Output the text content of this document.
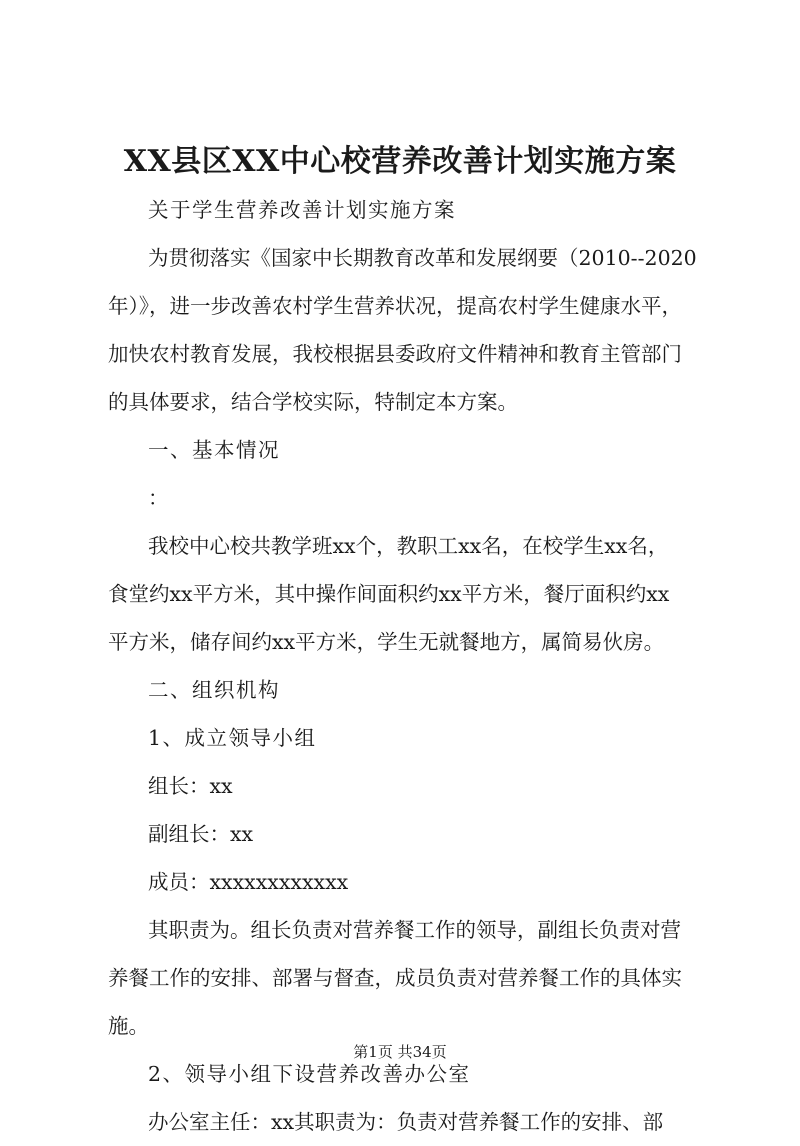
XX县区XX中心校营养改善计划实施方案

关于学生营养改善计划实施方案

为贯彻落实《国家中长期教育改革和发展纲要（2010--2020
年）》，进一步改善农村学生营养状况，提高农村学生健康水平，
加快农村教育发展，我校根据县委政府文件精神和教育主管部门
的具体要求，结合学校实际，特制定本方案。

一、基本情况

：

我校中心校共教学班xx个，教职工xx名，在校学生xx名，
食堂约xx平方米，其中操作间面积约xx平方米，餐厅面积约xx
平方米，储存间约xx平方米，学生无就餐地方，属简易伙房。

二、组织机构

1、成立领导小组

组长：xx

副组长：xx

成员：xxxxxxxxxxxx

其职责为。组长负责对营养餐工作的领导，副组长负责对营
养餐工作的安排、部署与督查，成员负责对营养餐工作的具体实
施。

2、领导小组下设营养改善办公室

办公室主任：xx其职责为：负责对营养餐工作的安排、部

第1页 共34页
